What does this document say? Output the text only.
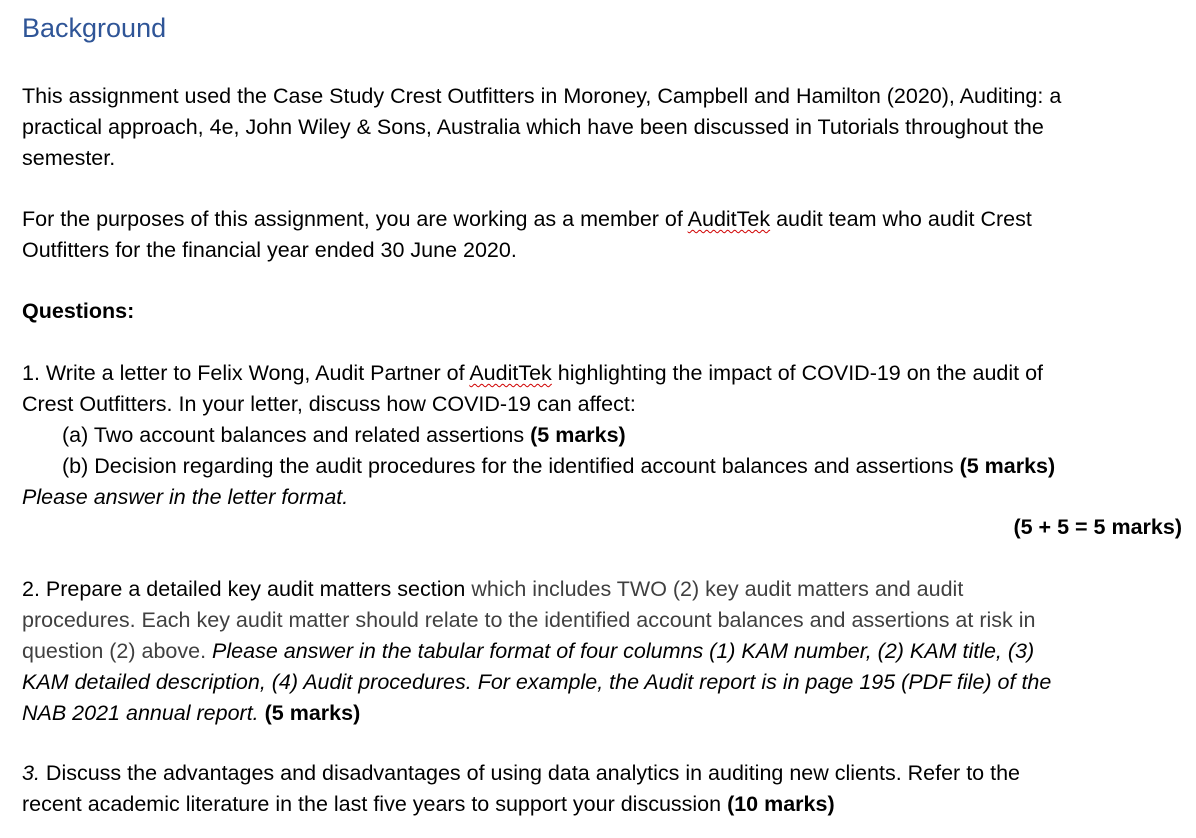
Background

This assignment used the Case Study Crest Outfitters in Moroney, Campbell and Hamilton (2020), Auditing: a
practical approach, 4e, John Wiley & Sons, Australia which have been discussed in Tutorials throughout the
semester.

For the purposes of this assignment, you are working as a member of AuditTek audit team who audit Crest
Outfitters for the financial year ended 30 June 2020.

Questions:

1. Write a letter to Felix Wong, Audit Partner of AuditTek highlighting the impact of COVID-19 on the audit of
Crest Outfitters. In your letter, discuss how COVID-19 can affect:
(a) Two account balances and related assertions (5 marks)
(b) Decision regarding the audit procedures for the identified account balances and assertions (5 marks)
Please answer in the letter format.

(5 + 5 = 5 marks)

2. Prepare a detailed key audit matters section which includes TWO (2) key audit matters and audit
procedures. Each key audit matter should relate to the identified account balances and assertions at risk in
question (2) above. Please answer in the tabular format of four columns (1) KAM number, (2) KAM title, (3)
KAM detailed description, (4) Audit procedures. For example, the Audit report is in page 195 (PDF file) of the
NAB 2021 annual report. (5 marks)

3. Discuss the advantages and disadvantages of using data analytics in auditing new clients. Refer to the
recent academic literature in the last five years to support your discussion (10 marks)
